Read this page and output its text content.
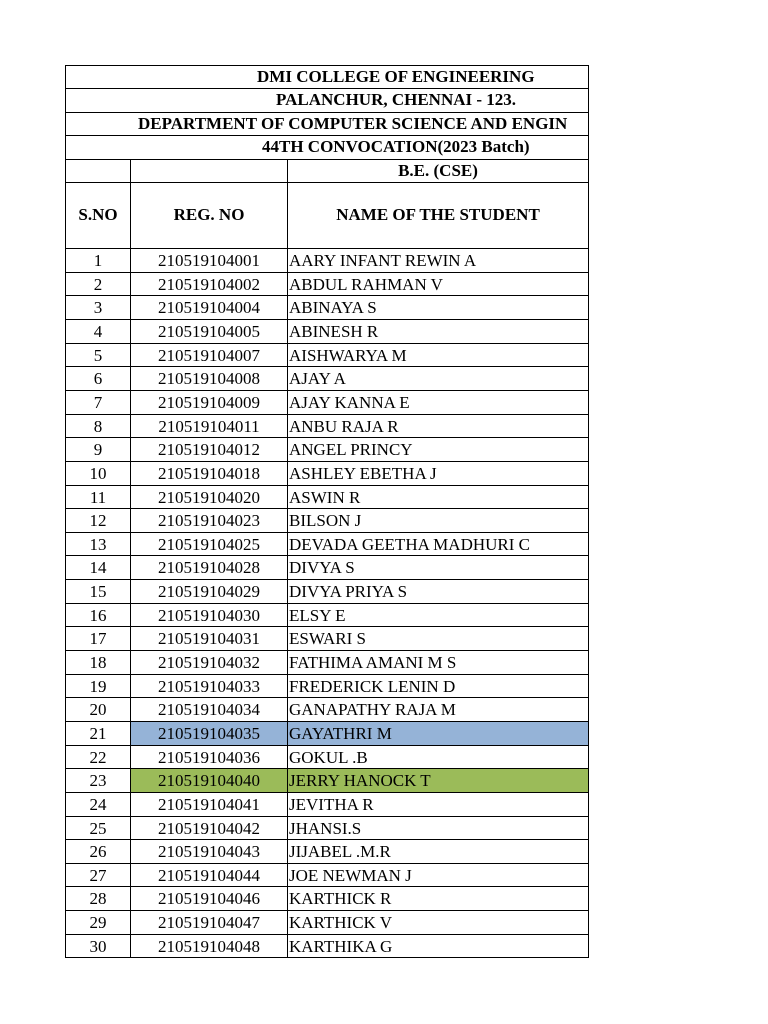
DMI COLLEGE OF ENGINEERING
PALANCHUR, CHENNAI - 123.
DEPARTMENT OF COMPUTER SCIENCE AND ENGIN
44TH CONVOCATION(2023 Batch)
B.E. (CSE)
S.NO	REG. NO	NAME OF THE STUDENT
1	210519104001	AARY INFANT REWIN A
2	210519104002	ABDUL RAHMAN V
3	210519104004	ABINAYA S
4	210519104005	ABINESH R
5	210519104007	AISHWARYA M
6	210519104008	AJAY A
7	210519104009	AJAY KANNA E
8	210519104011	ANBU RAJA R
9	210519104012	ANGEL PRINCY
10	210519104018	ASHLEY EBETHA J
11	210519104020	ASWIN R
12	210519104023	BILSON J
13	210519104025	DEVADA GEETHA MADHURI C
14	210519104028	DIVYA S
15	210519104029	DIVYA PRIYA S
16	210519104030	ELSY E
17	210519104031	ESWARI S
18	210519104032	FATHIMA AMANI M S
19	210519104033	FREDERICK LENIN D
20	210519104034	GANAPATHY RAJA M
21	210519104035	GAYATHRI M
22	210519104036	GOKUL .B
23	210519104040	JERRY HANOCK T
24	210519104041	JEVITHA R
25	210519104042	JHANSI.S
26	210519104043	JIJABEL .M.R
27	210519104044	JOE NEWMAN J
28	210519104046	KARTHICK R
29	210519104047	KARTHICK V
30	210519104048	KARTHIKA G
